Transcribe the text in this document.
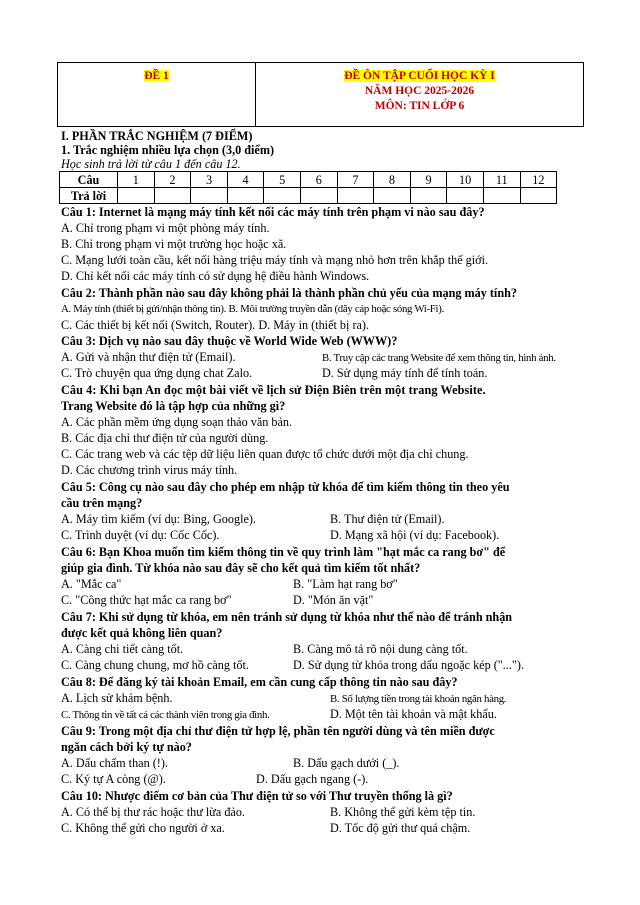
ĐỀ 1	ĐỀ ÔN TẬP CUỐI HỌC KỲ I
NĂM HỌC 2025-2026
MÔN: TIN LỚP 6
I. PHẦN TRẮC NGHIỆM (7 ĐIỂM)
1. Trắc nghiệm nhiều lựa chọn (3,0 điểm)
Học sinh trả lời từ câu 1 đến câu 12.
Câu	1	2	3	4	5	6	7	8	9	10	11	12
Trả lời												
Câu 1: Internet là mạng máy tính kết nối các máy tính trên phạm vi nào sau đây?
A. Chỉ trong phạm vi một phòng máy tính.
B. Chỉ trong phạm vi một trường học hoặc xã.
C. Mạng lưới toàn cầu, kết nối hàng triệu máy tính và mạng nhỏ hơn trên khắp thế giới.
D. Chỉ kết nối các máy tính có sử dụng hệ điều hành Windows.
Câu 2: Thành phần nào sau đây không phải là thành phần chủ yếu của mạng máy tính?
A. Máy tính (thiết bị gửi/nhận thông tin). B. Môi trường truyền dẫn (dây cáp hoặc sóng Wi-Fi).
C. Các thiết bị kết nối (Switch, Router). D. Máy in (thiết bị ra).
Câu 3: Dịch vụ nào sau đây thuộc về World Wide Web (WWW)?
A. Gửi và nhận thư điện tử (Email).	B. Truy cập các trang Website để xem thông tin, hình ảnh.
C. Trò chuyện qua ứng dụng chat Zalo.	D. Sử dụng máy tính để tính toán.
Câu 4: Khi bạn An đọc một bài viết về lịch sử Điện Biên trên một trang Website.
Trang Website đó là tập hợp của những gì?
A. Các phần mềm ứng dụng soạn thảo văn bản.
B. Các địa chỉ thư điện tử của người dùng.
C. Các trang web và các tệp dữ liệu liên quan được tổ chức dưới một địa chỉ chung.
D. Các chương trình virus máy tính.
Câu 5: Công cụ nào sau đây cho phép em nhập từ khóa để tìm kiếm thông tin theo yêu
cầu trên mạng?
A. Máy tìm kiếm (ví dụ: Bing, Google).	B. Thư điện tử (Email).
C. Trình duyệt (ví dụ: Cốc Cốc).	D. Mạng xã hội (ví dụ: Facebook).
Câu 6: Bạn Khoa muốn tìm kiếm thông tin về quy trình làm "hạt mắc ca rang bơ" để
giúp gia đình. Từ khóa nào sau đây sẽ cho kết quả tìm kiếm tốt nhất?
A. "Mắc ca"	B. "Làm hạt rang bơ"
C. "Công thức hạt mắc ca rang bơ"	D. "Món ăn vặt"
Câu 7: Khi sử dụng từ khóa, em nên tránh sử dụng từ khóa như thế nào để tránh nhận
được kết quả không liên quan?
A. Càng chi tiết càng tốt.	B. Càng mô tả rõ nội dung càng tốt.
C. Càng chung chung, mơ hồ càng tốt.	D. Sử dụng từ khóa trong dấu ngoặc kép ("...").
Câu 8: Để đăng ký tài khoản Email, em cần cung cấp thông tin nào sau đây?
A. Lịch sử khám bệnh.	B. Số lượng tiền trong tài khoản ngân hàng.
C. Thông tin về tất cả các thành viên trong gia đình.	D. Một tên tài khoản và mật khẩu.
Câu 9: Trong một địa chỉ thư điện tử hợp lệ, phần tên người dùng và tên miền được
ngăn cách bởi ký tự nào?
A. Dấu chấm than (!).	B. Dấu gạch dưới (_).
C. Ký tự A còng (@).	D. Dấu gạch ngang (-).
Câu 10: Nhược điểm cơ bản của Thư điện tử so với Thư truyền thống là gì?
A. Có thể bị thư rác hoặc thư lừa đảo.	B. Không thể gửi kèm tệp tin.
C. Không thể gửi cho người ở xa.	D. Tốc độ gửi thư quá chậm.
